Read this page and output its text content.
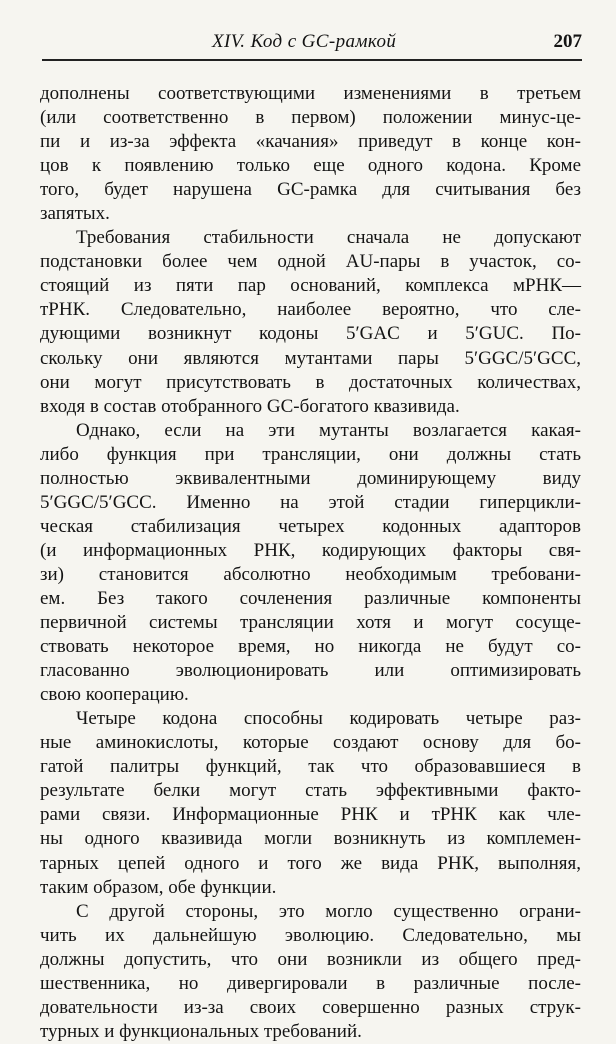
XIV. Код с GC-рамкой	207
дополнены соответствующими изменениями в третьем
(или соответственно в первом) положении минус-це-
пи и из-за эффекта «качания» приведут в конце кон-
цов к появлению только еще одного кодона. Кроме
того, будет нарушена GC-рамка для считывания без
запятых.
Требования стабильности сначала не допускают
подстановки более чем одной AU-пары в участок, со-
стоящий из пяти пар оснований, комплекса мРНК—
тРНК. Следовательно, наиболее вероятно, что сле-
дующими возникнут кодоны 5′GAC и 5′GUC. По-
скольку они являются мутантами пары 5′GGC/5′GCC,
они могут присутствовать в достаточных количествах,
входя в состав отобранного GC-богатого квазивида.
Однако, если на эти мутанты возлагается какая-
либо функция при трансляции, они должны стать
полностью эквивалентными доминирующему виду
5′GGC/5′GCC. Именно на этой стадии гиперцикли-
ческая стабилизация четырех кодонных адапторов
(и информационных РНК, кодирующих факторы свя-
зи) становится абсолютно необходимым требовани-
ем. Без такого сочленения различные компоненты
первичной системы трансляции хотя и могут сосуще-
ствовать некоторое время, но никогда не будут со-
гласованно эволюционировать или оптимизировать
свою кооперацию.
Четыре кодона способны кодировать четыре раз-
ные аминокислоты, которые создают основу для бо-
гатой палитры функций, так что образовавшиеся в
результате белки могут стать эффективными факто-
рами связи. Информационные РНК и тРНК как чле-
ны одного квазивида могли возникнуть из комплемен-
тарных цепей одного и того же вида РНК, выполняя,
таким образом, обе функции.
С другой стороны, это могло существенно ограни-
чить их дальнейшую эволюцию. Следовательно, мы
должны допустить, что они возникли из общего пред-
шественника, но дивергировали в различные после-
довательности из-за своих совершенно разных струк-
турных и функциональных требований.
